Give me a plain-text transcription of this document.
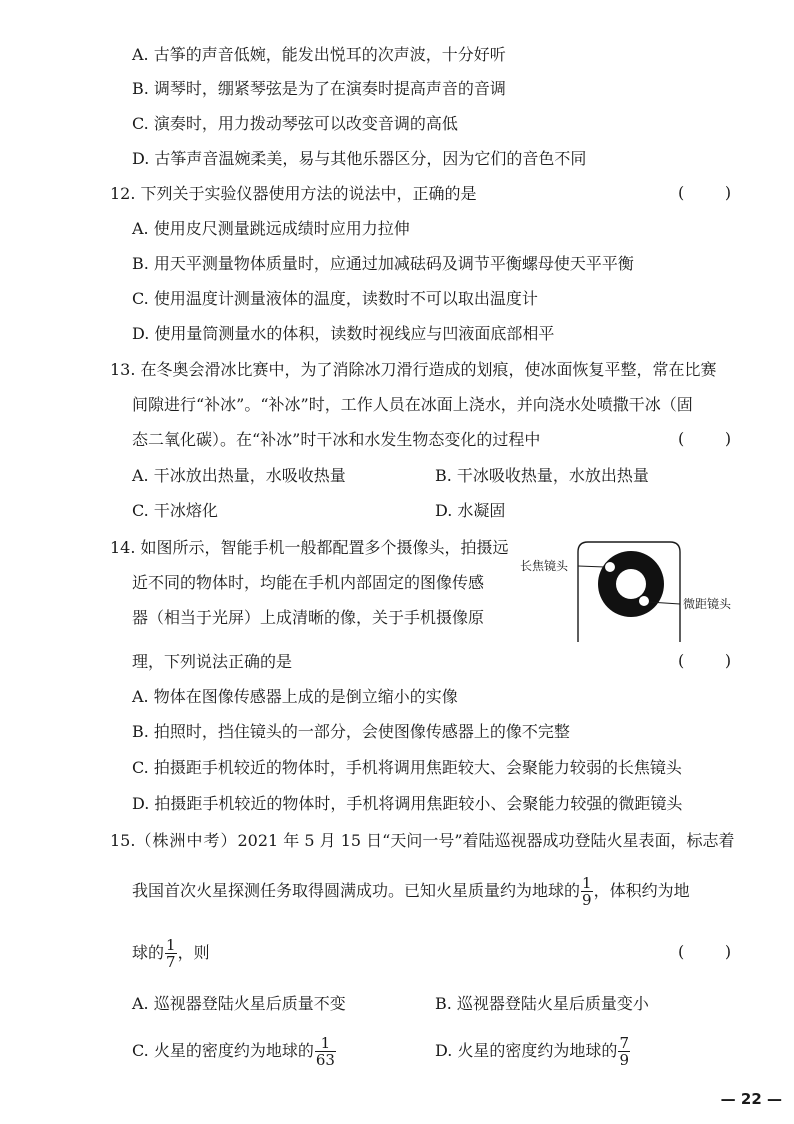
A. 古筝的声音低婉，能发出悦耳的次声波，十分好听
B. 调琴时，绷紧琴弦是为了在演奏时提高声音的音调
C. 演奏时，用力拨动琴弦可以改变音调的高低
D. 古筝声音温婉柔美，易与其他乐器区分，因为它们的音色不同
12. 下列关于实验仪器使用方法的说法中，正确的是	(        )
A. 使用皮尺测量跳远成绩时应用力拉伸
B. 用天平测量物体质量时，应通过加减砝码及调节平衡螺母使天平平衡
C. 使用温度计测量液体的温度，读数时不可以取出温度计
D. 使用量筒测量水的体积，读数时视线应与凹液面底部相平
13. 在冬奥会滑冰比赛中，为了消除冰刀滑行造成的划痕，使冰面恢复平整，常在比赛
间隙进行“补冰”。“补冰”时，工作人员在冰面上浇水，并向浇水处喷撒干冰（固
态二氧化碳）。在“补冰”时干冰和水发生物态变化的过程中	(        )
A. 干冰放出热量，水吸收热量	B. 干冰吸收热量，水放出热量
C. 干冰熔化	D. 水凝固
14. 如图所示，智能手机一般都配置多个摄像头，拍摄远
近不同的物体时，均能在手机内部固定的图像传感
器（相当于光屏）上成清晰的像，关于手机摄像原
理，下列说法正确的是	(        )
长焦镜头
微距镜头
A. 物体在图像传感器上成的是倒立缩小的实像
B. 拍照时，挡住镜头的一部分，会使图像传感器上的像不完整
C. 拍摄距手机较近的物体时，手机将调用焦距较大、会聚能力较弱的长焦镜头
D. 拍摄距手机较近的物体时，手机将调用焦距较小、会聚能力较强的微距镜头
15.（株洲中考）2021 年 5 月 15 日“天问一号”着陆巡视器成功登陆火星表面，标志着
我国首次火星探测任务取得圆满成功。已知火星质量约为地球的 $\frac{1}{9}$ ，体积约为地
球的 $\frac{1}{7}$ ，则	(        )
A. 巡视器登陆火星后质量不变	B. 巡视器登陆火星后质量变小
C. 火星的密度约为地球的 $\frac{1}{63}$	D. 火星的密度约为地球的 $\frac{7}{9}$
— 22 —
